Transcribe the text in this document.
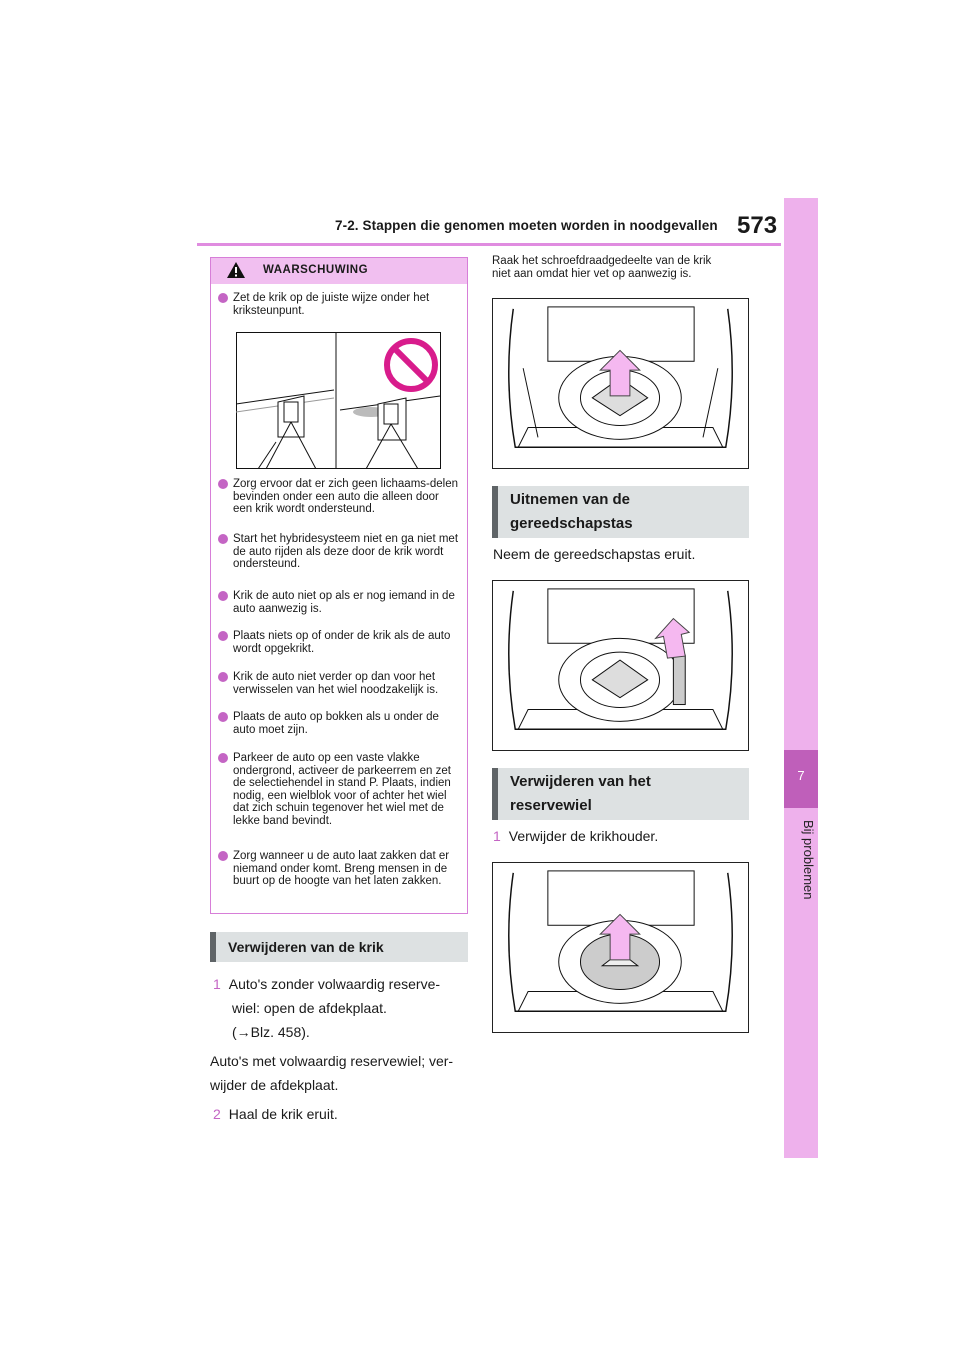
7-2. Stappen die genomen moeten worden in noodgevallen 573
7
Bij problemen
WAARSCHUWING
Zet de krik op de juiste wijze onder het kriksteunpunt.
Zorg ervoor dat er zich geen lichaams-delen bevinden onder een auto die alleen door een krik wordt ondersteund.
Start het hybridesysteem niet en ga niet met de auto rijden als deze door de krik wordt ondersteund.
Krik de auto niet op als er nog iemand in de auto aanwezig is.
Plaats niets op of onder de krik als de auto wordt opgekrikt.
Krik de auto niet verder op dan voor het verwisselen van het wiel noodzakelijk is.
Plaats de auto op bokken als u onder de auto moet zijn.
Parkeer de auto op een vaste vlakke ondergrond, activeer de parkeerrem en zet de selectiehendel in stand P. Plaats, indien nodig, een wielblok voor of achter het wiel dat zich schuin tegenover het wiel met de lekke band bevindt.
Zorg wanneer u de auto laat zakken dat er niemand onder komt. Breng mensen in de buurt op de hoogte van het laten zakken.
Verwijderen van de krik
1 Auto's zonder volwaardig reserve-
wiel: open de afdekplaat.
(→Blz. 458).
Auto's met volwaardig reservewiel; ver-
wijder de afdekplaat.
2 Haal de krik eruit.
Raak het schroefdraadgedeelte van de krik
niet aan omdat hier vet op aanwezig is.
Uitnemen van de
gereedschapstas
Neem de gereedschapstas eruit.
Verwijderen van het
reservewiel
1 Verwijder de krikhouder.
